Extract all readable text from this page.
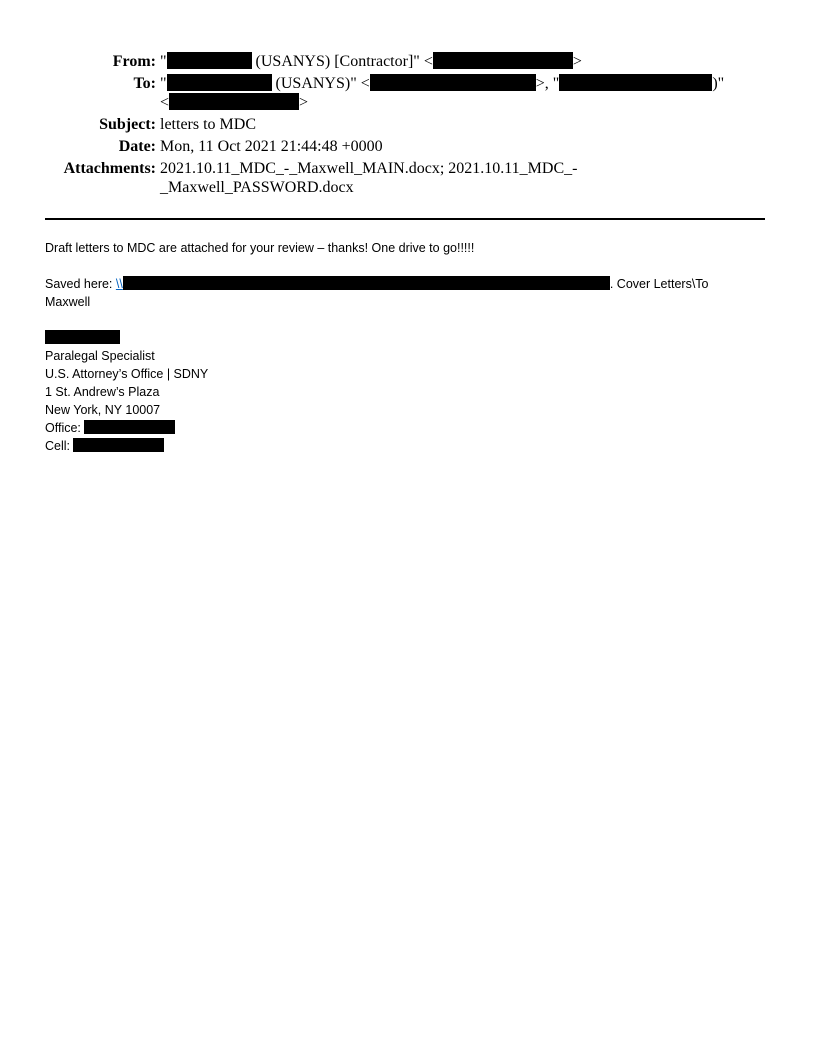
From: "	(USANYS) [Contractor]" <	>
To: "	(USANYS)" <	>, "	)"
<	>
Subject: letters to MDC
Date: Mon, 11 Oct 2021 21:44:48 +0000
Attachments: 2021.10.11_MDC_-_Maxwell_MAIN.docx; 2021.10.11_MDC_-
_Maxwell_PASSWORD.docx

Draft letters to MDC are attached for your review – thanks! One drive to go!!!!!

Saved here: \\	. Cover Letters\To
Maxwell

Paralegal Specialist

U.S. Attorney’s Office | SDNY

1 St. Andrew’s Plaza

New York, NY 10007

Office:

Cell:
